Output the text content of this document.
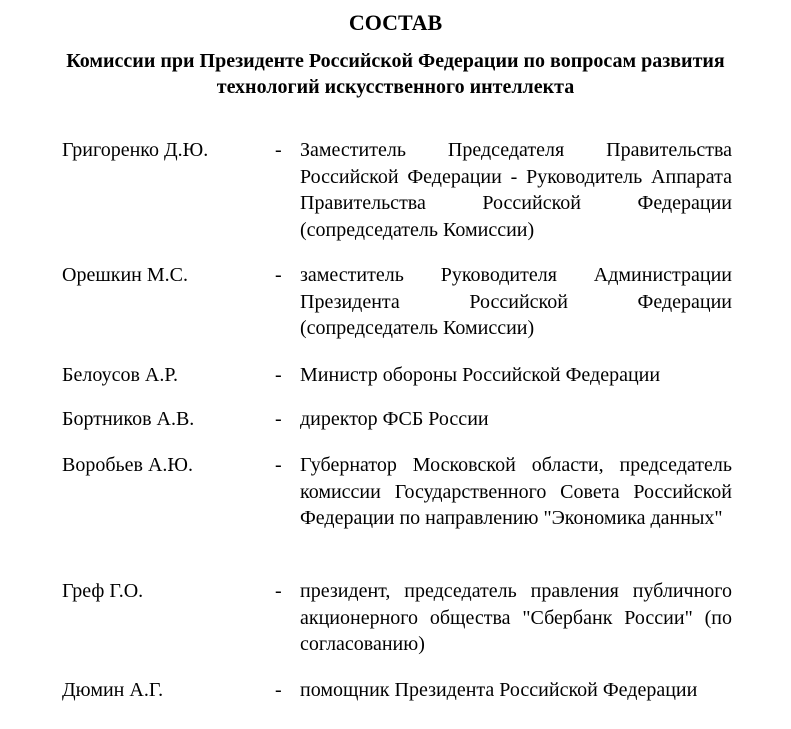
СОСТАВ
Комиссии при Президенте Российской Федерации по вопросам развития технологий искусственного интеллекта
Григоренко Д.Ю.	- Заместитель Председателя Правительства Российской Федерации - Руководитель Аппарата Правительства Российской Федерации (сопредседатель Комиссии)
Орешкин М.С.	- заместитель Руководителя Администрации Президента Российской Федерации (сопредседатель Комиссии)
Белоусов А.Р.	- Министр обороны Российской Федерации
Бортников А.В.	- директор ФСБ России
Воробьев А.Ю.	- Губернатор Московской области, председатель комиссии Государственного Совета Российской Федерации по направлению "Экономика данных"
Греф Г.О.	- президент, председатель правления публичного акционерного общества "Сбербанк России" (по согласованию)
Дюмин А.Г.	- помощник Президента Российской Федерации
